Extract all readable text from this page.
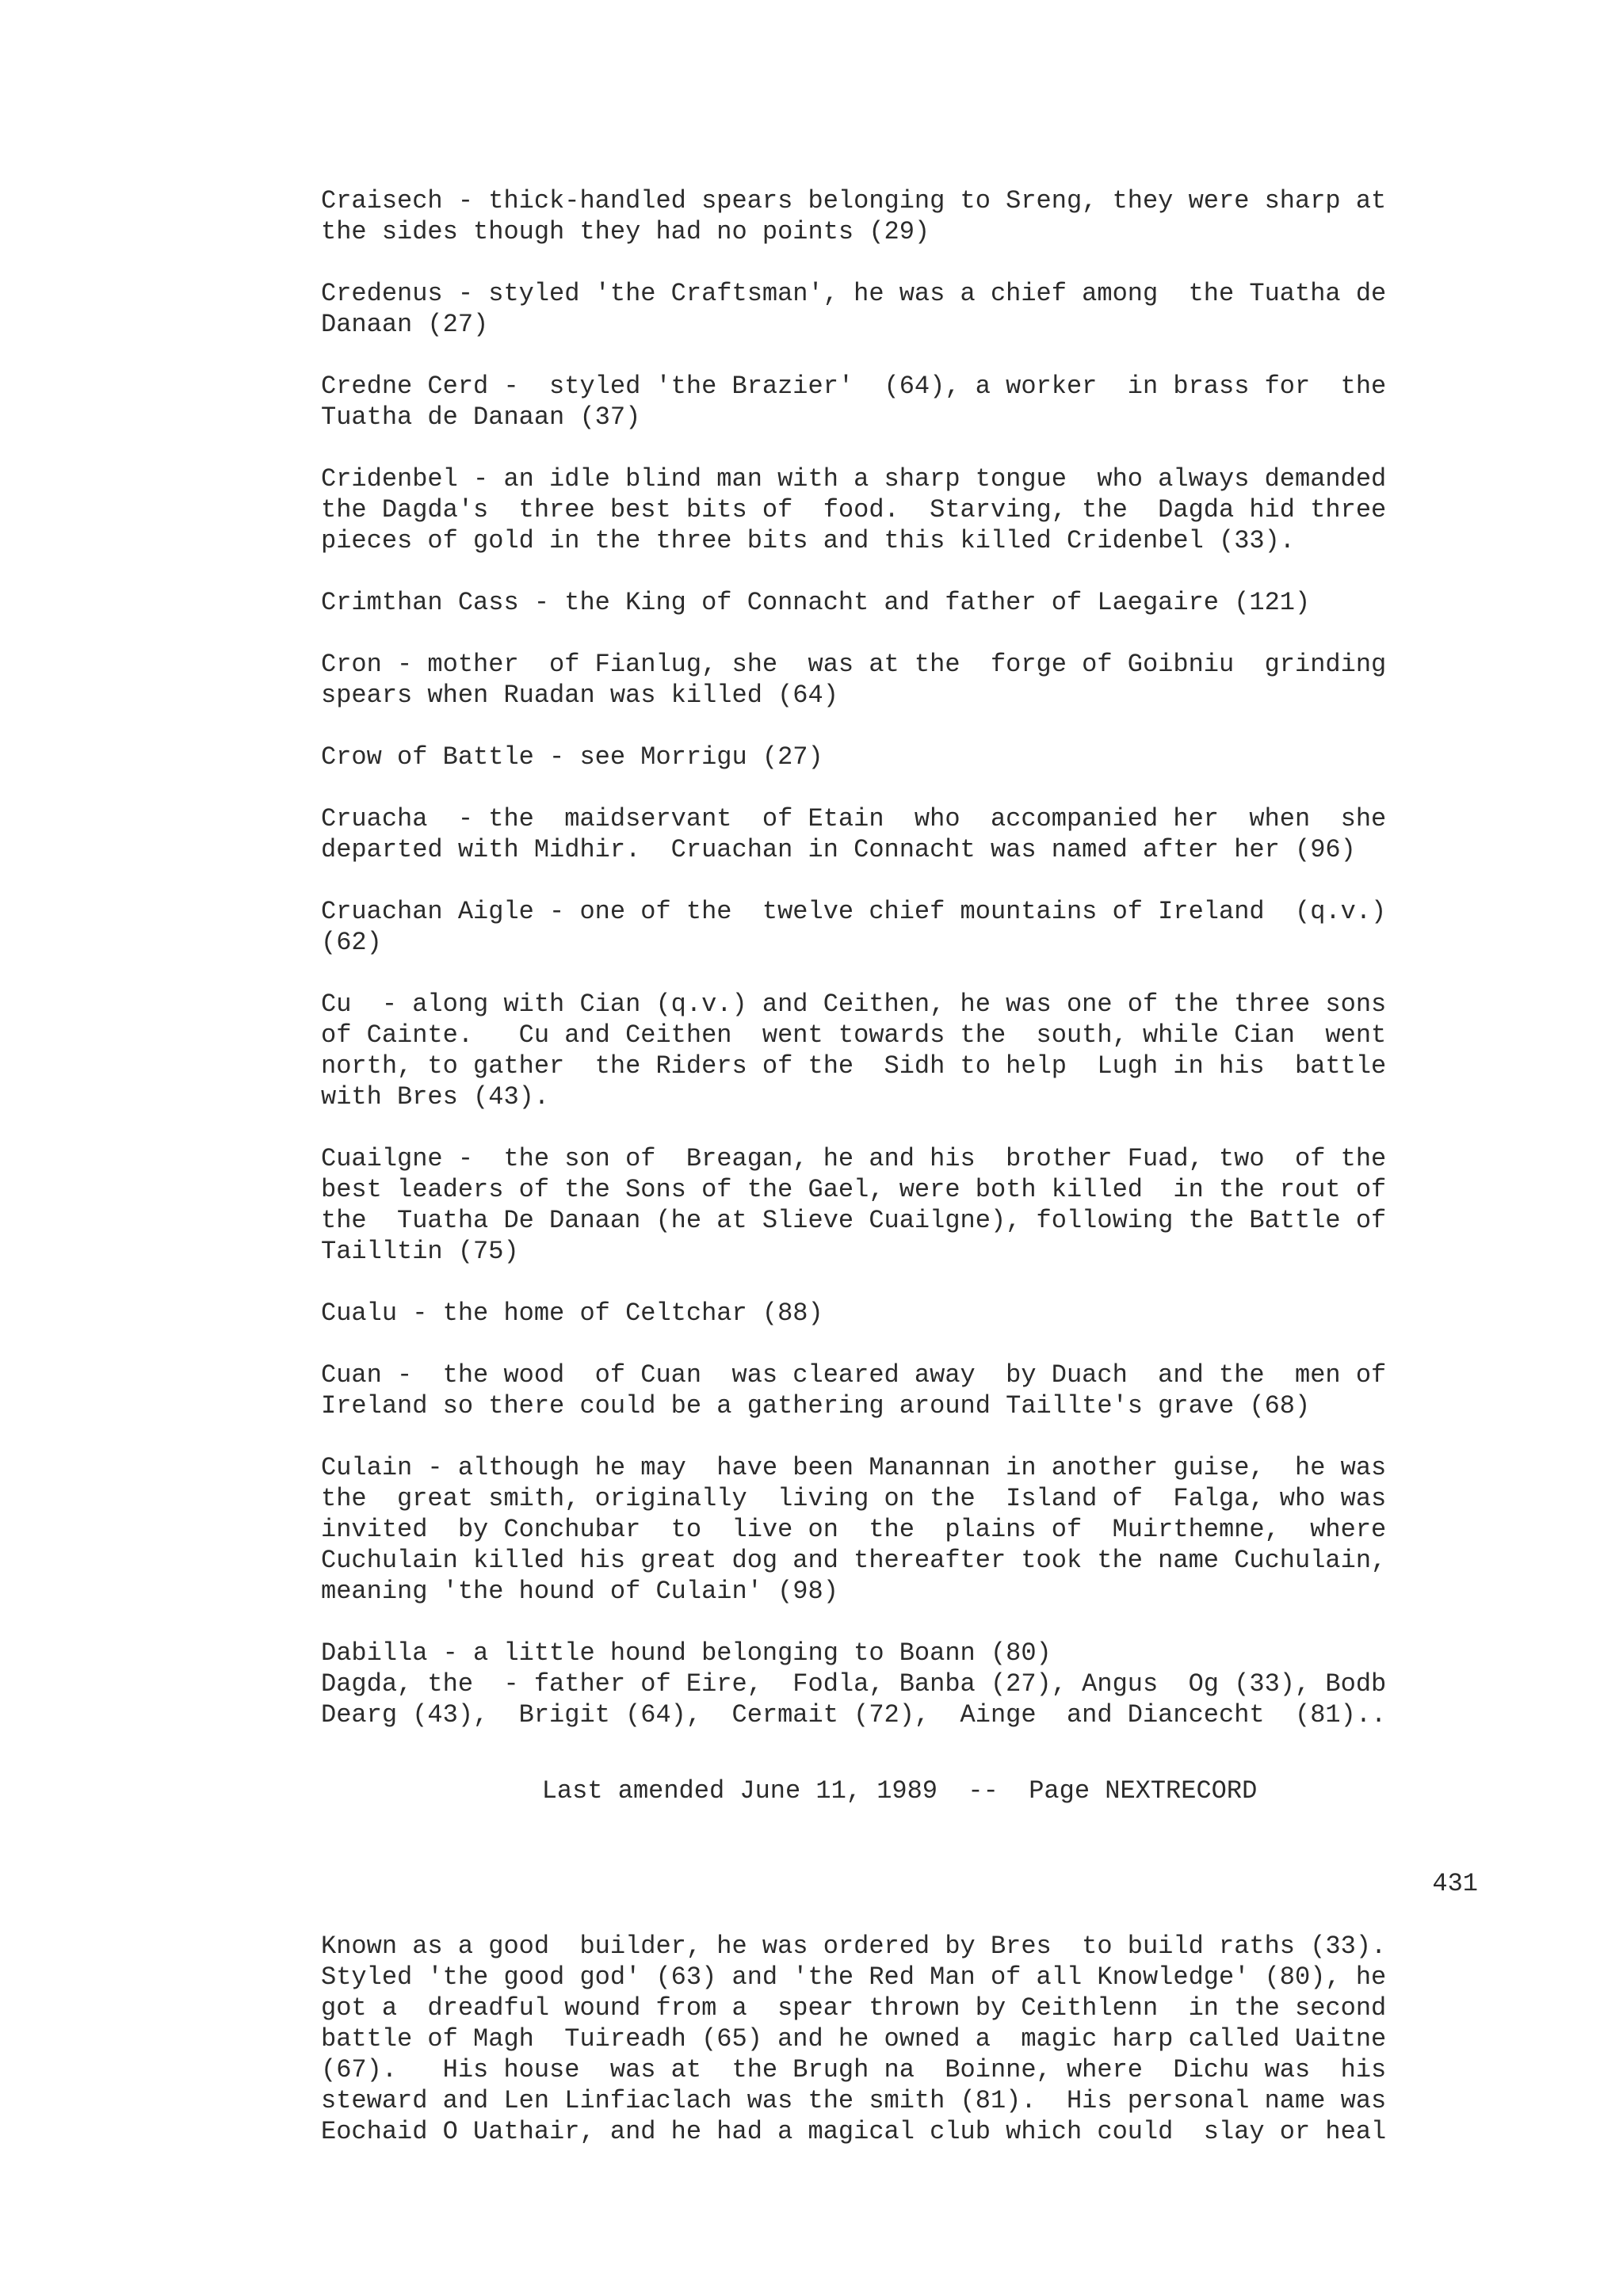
Craisech - thick-handled spears belonging to Sreng, they were sharp at
the sides though they had no points (29)
Credenus - styled 'the Craftsman', he was a chief among  the Tuatha de
Danaan (27)
Credne Cerd -  styled 'the Brazier'  (64), a worker  in brass for  the
Tuatha de Danaan (37)
Cridenbel - an idle blind man with a sharp tongue  who always demanded
the Dagda's  three best bits of  food.  Starving, the  Dagda hid three
pieces of gold in the three bits and this killed Cridenbel (33).
Crimthan Cass - the King of Connacht and father of Laegaire (121)
Cron - mother  of Fianlug, she  was at the  forge of Goibniu  grinding
spears when Ruadan was killed (64)
Crow of Battle - see Morrigu (27)
Cruacha  - the  maidservant  of Etain  who  accompanied her  when  she
departed with Midhir.  Cruachan in Connacht was named after her (96)
Cruachan Aigle - one of the  twelve chief mountains of Ireland  (q.v.)
(62)
Cu  - along with Cian (q.v.) and Ceithen, he was one of the three sons
of Cainte.   Cu and Ceithen  went towards the  south, while Cian  went
north, to gather  the Riders of the  Sidh to help  Lugh in his  battle
with Bres (43).
Cuailgne -  the son of  Breagan, he and his  brother Fuad, two  of the
best leaders of the Sons of the Gael, were both killed  in the rout of
the  Tuatha De Danaan (he at Slieve Cuailgne), following the Battle of
Tailltin (75)
Cualu - the home of Celtchar (88)
Cuan -  the wood  of Cuan  was cleared away  by Duach  and the  men of
Ireland so there could be a gathering around Taillte's grave (68)
Culain - although he may  have been Manannan in another guise,  he was
the  great smith, originally  living on the  Island of  Falga, who was
invited  by Conchubar  to  live on  the  plains of  Muirthemne,  where
Cuchulain killed his great dog and thereafter took the name Cuchulain,
meaning 'the hound of Culain' (98)
Dabilla - a little hound belonging to Boann (80)
Dagda, the  - father of Eire,  Fodla, Banba (27), Angus  Og (33), Bodb
Dearg (43),  Brigit (64),  Cermait (72),  Ainge  and Diancecht  (81)..
Last amended June 11, 1989  --  Page NEXTRECORD
431
Known as a good  builder, he was ordered by Bres  to build raths (33).
Styled 'the good god' (63) and 'the Red Man of all Knowledge' (80), he
got a  dreadful wound from a  spear thrown by Ceithlenn  in the second
battle of Magh  Tuireadh (65) and he owned a  magic harp called Uaitne
(67).   His house  was at  the Brugh na  Boinne, where  Dichu was  his
steward and Len Linfiaclach was the smith (81).  His personal name was
Eochaid O Uathair, and he had a magical club which could  slay or heal
